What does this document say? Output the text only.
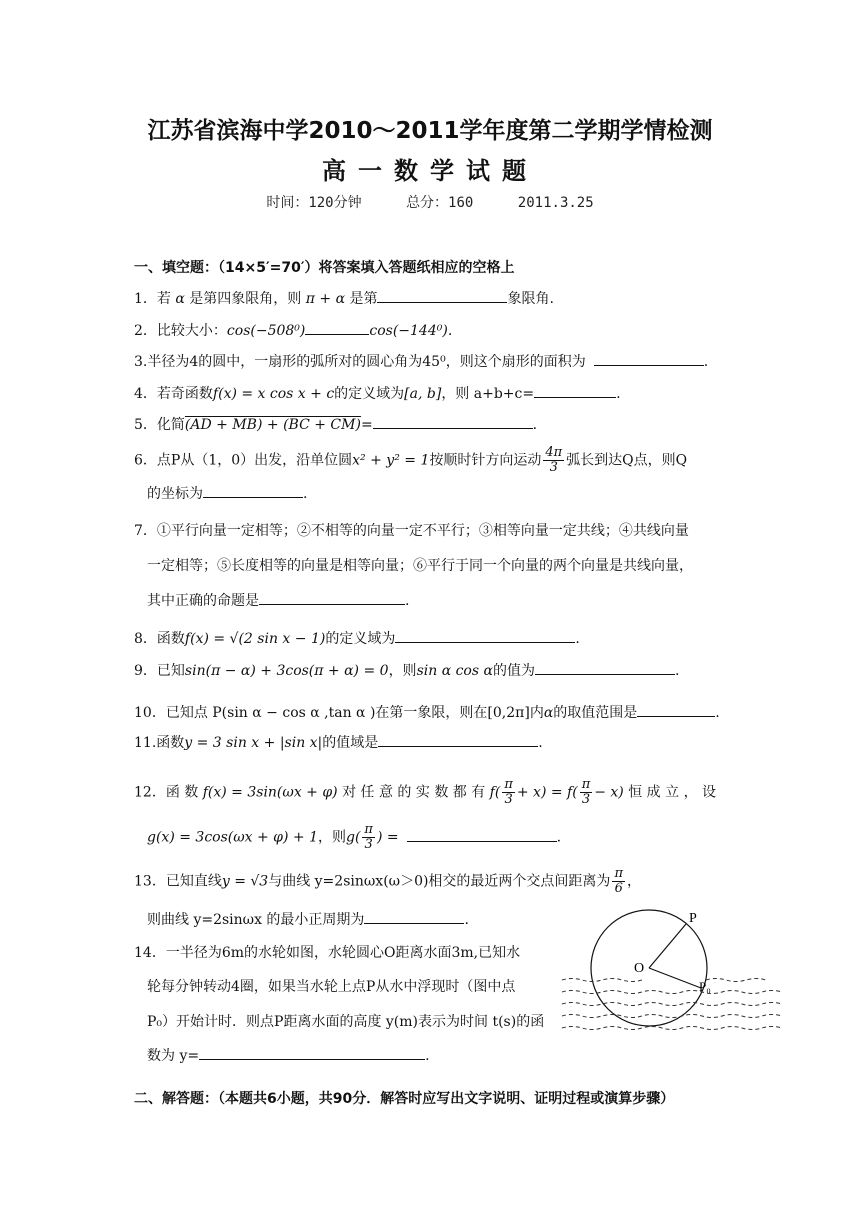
江苏省滨海中学2010～2011学年度第二学期学情检测
高一数学试题
时间：120分钟	总分：160	2011.3.25
一、填空题：（14×5′=70′）将答案填入答题纸相应的空格上
1．若 α 是第四象限角，则 π + α 是第	象限角.
2．比较大小：cos(−508⁰)	cos(−144⁰).
3.半径为4的圆中，一扇形的弧所对的圆心角为45⁰，则这个扇形的面积为	.
4．若奇函数f(x) = x cos x + c的定义域为[a, b]，则 a+b+c=	.
5．化简(AD + MB) + (BC + CM)=	.
6．点P从（1，0）出发，沿单位圆x² + y² = 1按顺时针方向运动 $\frac{4\pi}{3}$ 弧长到达Q点，则Q
的坐标为	.
7．①平行向量一定相等；②不相等的向量一定不平行；③相等向量一定共线；④共线向量
一定相等；⑤长度相等的向量是相等向量；⑥平行于同一个向量的两个向量是共线向量，
其中正确的命题是	.
8．函数f(x) = √(2 sin x − 1)的定义域为	.
9．已知sin(π − α) + 3cos(π + α) = 0，则sin α cos α的值为	.
10．已知点 P(sin α − cos α ,tan α )在第一象限，则在[0,2π]内α的取值范围是	.
11.函数y = 3 sin x + |sin x|的值域是	.
12．函 数 f(x) = 3sin(ωx + φ) 对 任 意 的 实 数 都 有 $f( \frac{\pi}{3} + x) = f( \frac{\pi}{3} - x)$ 恒 成 立 ， 设
g(x) = 3cos(ωx + φ) + 1，则$g( \frac{\pi}{3}$ ) =	.
13．已知直线y = √3与曲线 y=2sinωx(ω＞0)相交的最近两个交点间距离为 $\frac{\pi}{6}$ ，
则曲线 y=2sinωx 的最小正周期为	.
14．一半径为6m的水轮如图，水轮圆心O距离水面3m,已知水
轮每分钟转动4圈，如果当水轮上点P从水中浮现时（图中点
P₀）开始计时．则点P距离水面的高度 y(m)表示为时间 t(s)的函
数为 y=	.
P
O
P₀
二、解答题：（本题共6小题，共90分．解答时应写出文字说明、证明过程或演算步骤）
